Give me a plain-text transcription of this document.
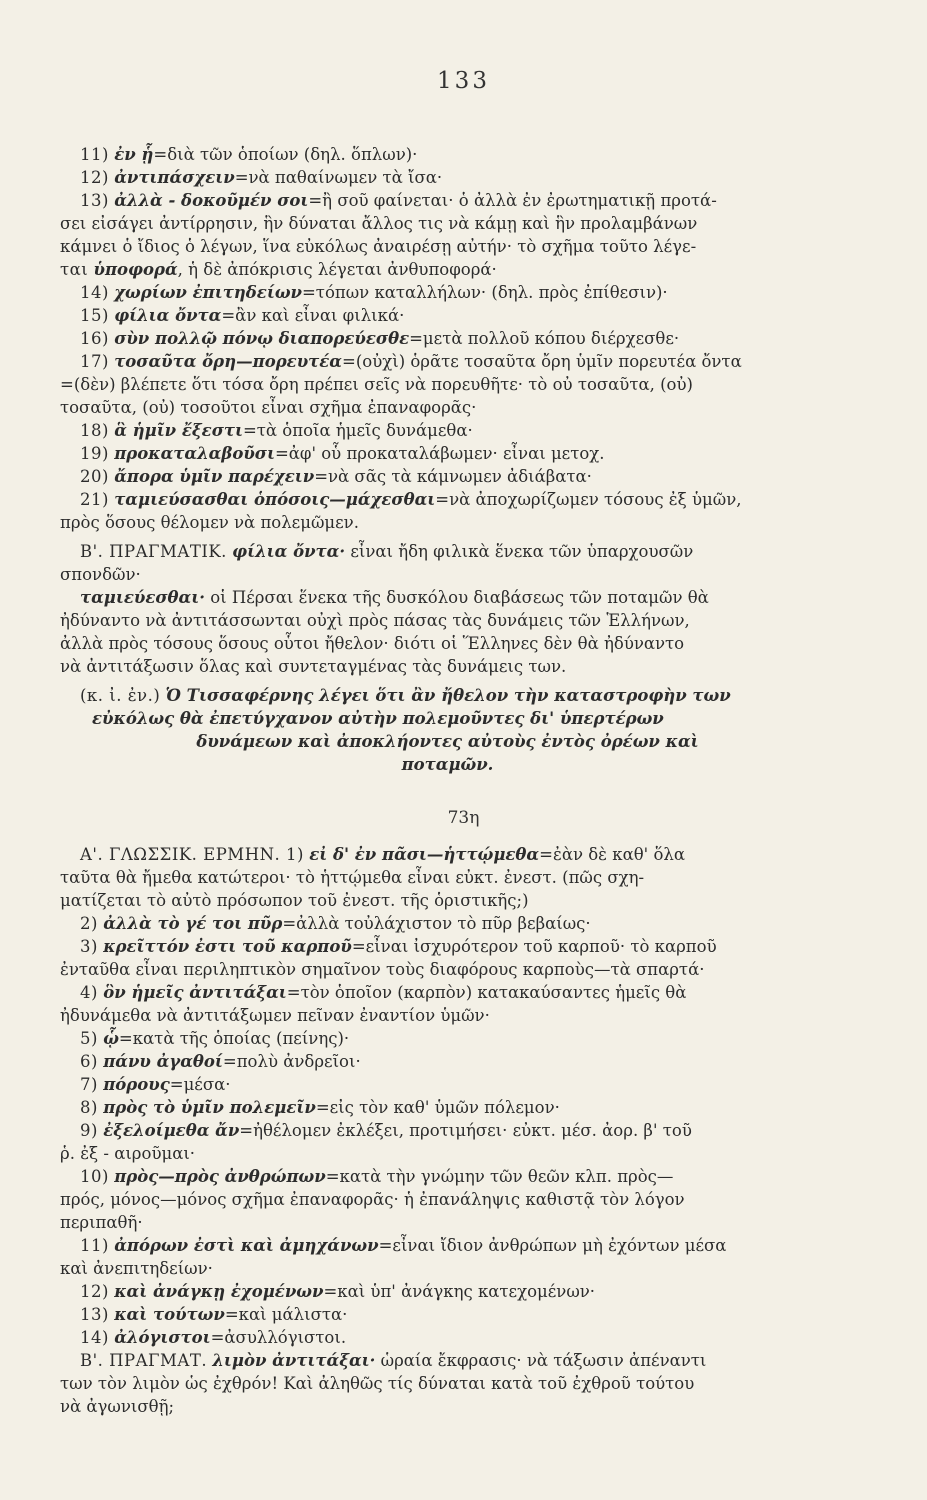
133
11) ἐν ᾗ=διὰ τῶν ὁποίων (δηλ. ὅπλων)·
12) ἀντιπάσχειν=νὰ παθαίνωμεν τὰ ἴσα·
13) ἀλλὰ - δοκοῦμέν σοι=ἢ σοῦ φαίνεται· ὁ ἀλλὰ ἐν ἐρωτηματικῇ προτά-
σει εἰσάγει ἀντίρρησιν, ἣν δύναται ἄλλος τις νὰ κάμῃ καὶ ἣν προλαμβάνων
κάμνει ὁ ἴδιος ὁ λέγων, ἵνα εὐκόλως ἀναιρέσῃ αὐτήν· τὸ σχῆμα τοῦτο λέγε-
ται ὑποφορά, ἡ δὲ ἀπόκρισις λέγεται ἀνθυποφορά·
14) χωρίων ἐπιτηδείων=τόπων καταλλήλων· (δηλ. πρὸς ἐπίθεσιν)·
15) φίλια ὄντα=ἂν καὶ εἶναι φιλικά·
16) σὺν πολλῷ πόνῳ διαπορεύεσθε=μετὰ πολλοῦ κόπου διέρχεσθε·
17) τοσαῦτα ὄρη—πορευτέα=(οὐχὶ) ὁρᾶτε τοσαῦτα ὄρη ὑμῖν πορευτέα ὄντα
=(δὲν) βλέπετε ὅτι τόσα ὄρη πρέπει σεῖς νὰ πορευθῆτε· τὸ οὐ τοσαῦτα, (οὐ)
τοσαῦτα, (οὐ) τοσοῦτοι εἶναι σχῆμα ἐπαναφορᾶς·
18) ἃ ἡμῖν ἔξεστι=τὰ ὁποῖα ἡμεῖς δυνάμεθα·
19) προκαταλαβοῦσι=ἀφ' οὗ προκαταλάβωμεν· εἶναι μετοχ.
20) ἄπορα ὑμῖν παρέχειν=νὰ σᾶς τὰ κάμνωμεν ἀδιάβατα·
21) ταμιεύσασθαι ὁπόσοις—μάχεσθαι=νὰ ἀποχωρίζωμεν τόσους ἐξ ὑμῶν,
πρὸς ὅσους θέλομεν νὰ πολεμῶμεν.
Β'. ΠΡΑΓΜΑΤΙΚ. φίλια ὄντα· εἶναι ἤδη φιλικὰ ἕνεκα τῶν ὑπαρχουσῶν
σπονδῶν·
ταμιεύεσθαι· οἱ Πέρσαι ἕνεκα τῆς δυσκόλου διαβάσεως τῶν ποταμῶν θὰ
ἠδύναντο νὰ ἀντιτάσσωνται οὐχὶ πρὸς πάσας τὰς δυνάμεις τῶν Ἑλλήνων,
ἀλλὰ πρὸς τόσους ὅσους οὗτοι ἤθελον· διότι οἱ Ἕλληνες δὲν θὰ ἠδύναντο
νὰ ἀντιτάξωσιν ὅλας καὶ συντεταγμένας τὰς δυνάμεις των.
(κ. ἰ. ἐν.) Ὁ Τισσαφέρνης λέγει ὅτι ἂν ἤθελον τὴν καταστροφὴν των
εὐκόλως θὰ ἐπετύγχανον αὐτὴν πολεμοῦντες δι' ὑπερτέρων
δυνάμεων καὶ ἀποκλήοντες αὐτοὺς ἐντὸς ὀρέων καὶ
ποταμῶν.
73η
Α'. ΓΛΩΣΣΙΚ. ΕΡΜΗΝ. 1) εἰ δ' ἐν πᾶσι—ἡττῴμεθα=ἐὰν δὲ καθ' ὅλα
ταῦτα θὰ ἤμεθα κατώτεροι· τὸ ἡττῴμεθα εἶναι εὐκτ. ἐνεστ. (πῶς σχη-
ματίζεται τὸ αὐτὸ πρόσωπον τοῦ ἐνεστ. τῆς ὁριστικῆς;)
2) ἀλλὰ τὸ γέ τοι πῦρ=ἀλλὰ τοὐλάχιστον τὸ πῦρ βεβαίως·
3) κρεῖττόν ἐστι τοῦ καρποῦ=εἶναι ἰσχυρότερον τοῦ καρποῦ· τὸ καρποῦ
ἐνταῦθα εἶναι περιληπτικὸν σημαῖνον τοὺς διαφόρους καρποὺς—τὰ σπαρτά·
4) ὃν ἡμεῖς ἀντιτάξαι=τὸν ὁποῖον (καρπὸν) κατακαύσαντες ἡμεῖς θὰ
ἠδυνάμεθα νὰ ἀντιτάξωμεν πεῖναν ἐναντίον ὑμῶν·
5) ᾧ=κατὰ τῆς ὁποίας (πείνης)·
6) πάνυ ἀγαθοί=πολὺ ἀνδρεῖοι·
7) πόρους=μέσα·
8) πρὸς τὸ ὑμῖν πολεμεῖν=εἰς τὸν καθ' ὑμῶν πόλεμον·
9) ἐξελοίμεθα ἄν=ἠθέλομεν ἐκλέξει, προτιμήσει· εὐκτ. μέσ. ἀορ. β' τοῦ
ῥ. ἐξ - αιροῦμαι·
10) πρὸς—πρὸς ἀνθρώπων=κατὰ τὴν γνώμην τῶν θεῶν κλπ. πρὸς—
πρός, μόνος—μόνος σχῆμα ἐπαναφορᾶς· ἡ ἐπανάληψις καθιστᾷ τὸν λόγον
περιπαθῆ·
11) ἀπόρων ἐστὶ καὶ ἀμηχάνων=εἶναι ἴδιον ἀνθρώπων μὴ ἐχόντων μέσα
καὶ ἀνεπιτηδείων·
12) καὶ ἀνάγκῃ ἐχομένων=καὶ ὑπ' ἀνάγκης κατεχομένων·
13) καὶ τούτων=καὶ μάλιστα·
14) ἀλόγιστοι=ἀσυλλόγιστοι.
Β'. ΠΡΑΓΜΑΤ. λιμὸν ἀντιτάξαι· ὡραία ἔκφρασις· νὰ τάξωσιν ἀπέναντι
των τὸν λιμὸν ὡς ἐχθρόν! Καὶ ἀληθῶς τίς δύναται κατὰ τοῦ ἐχθροῦ τούτου
νὰ ἀγωνισθῇ;
